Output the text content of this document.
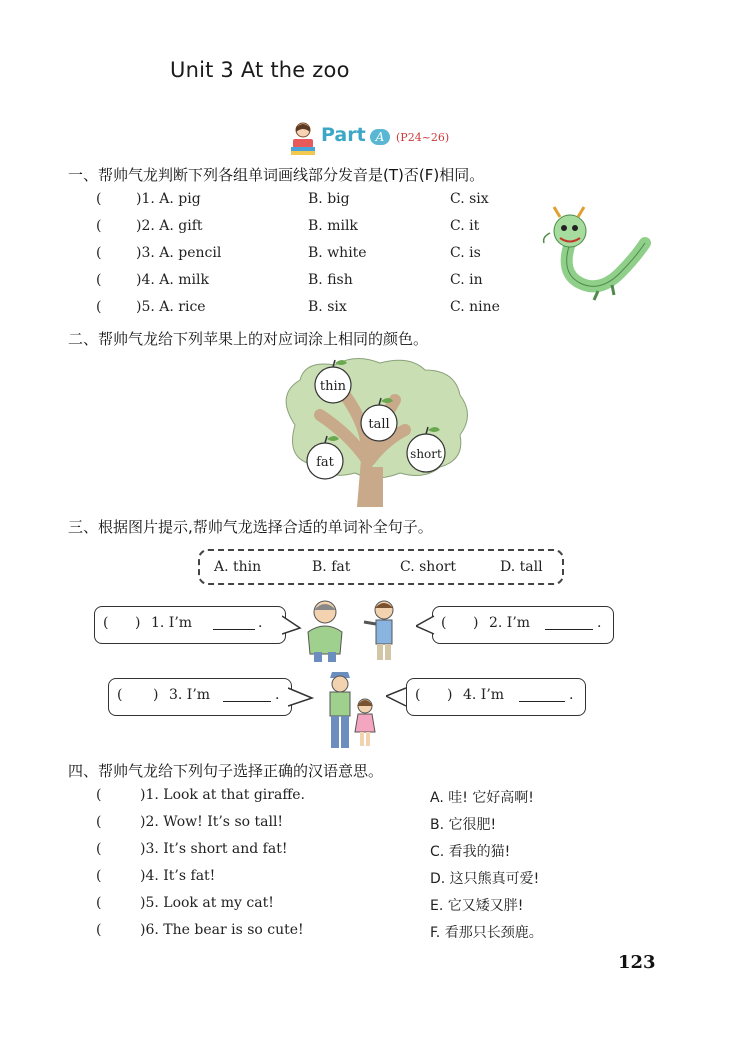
Unit 3 At the zoo
Part A	(P24~26)
一、帮帅气龙判断下列各组单词画线部分发音是(T)否(F)相同。
( )1. A. pig	B. big	C. six
( )2. A. gift	B. milk	C. it
( )3. A. pencil	B. white	C. is
( )4. A. milk	B. fish	C. in
( )5. A. rice	B. six	C. nine
二、帮帅气龙给下列苹果上的对应词涂上相同的颜色。
thin
tall
fat
short
三、根据图片提示,帮帅气龙选择合适的单词补全句子。
A. thin	B. fat	C. short	D. tall
( ) 1. I’m	.	( ) 2. I’m	.
( ) 3. I’m	.	( ) 4. I’m	.
四、帮帅气龙给下列句子选择正确的汉语意思。
(	)1. Look at that giraffe.	A. 哇! 它好高啊!
(	)2. Wow! It’s so tall!	B. 它很肥!
(	)3. It’s short and fat!	C. 看我的猫!
(	)4. It’s fat!	D. 这只熊真可爱!
(	)5. Look at my cat!	E. 它又矮又胖!
(	)6. The bear is so cute!	F. 看那只长颈鹿。
123
